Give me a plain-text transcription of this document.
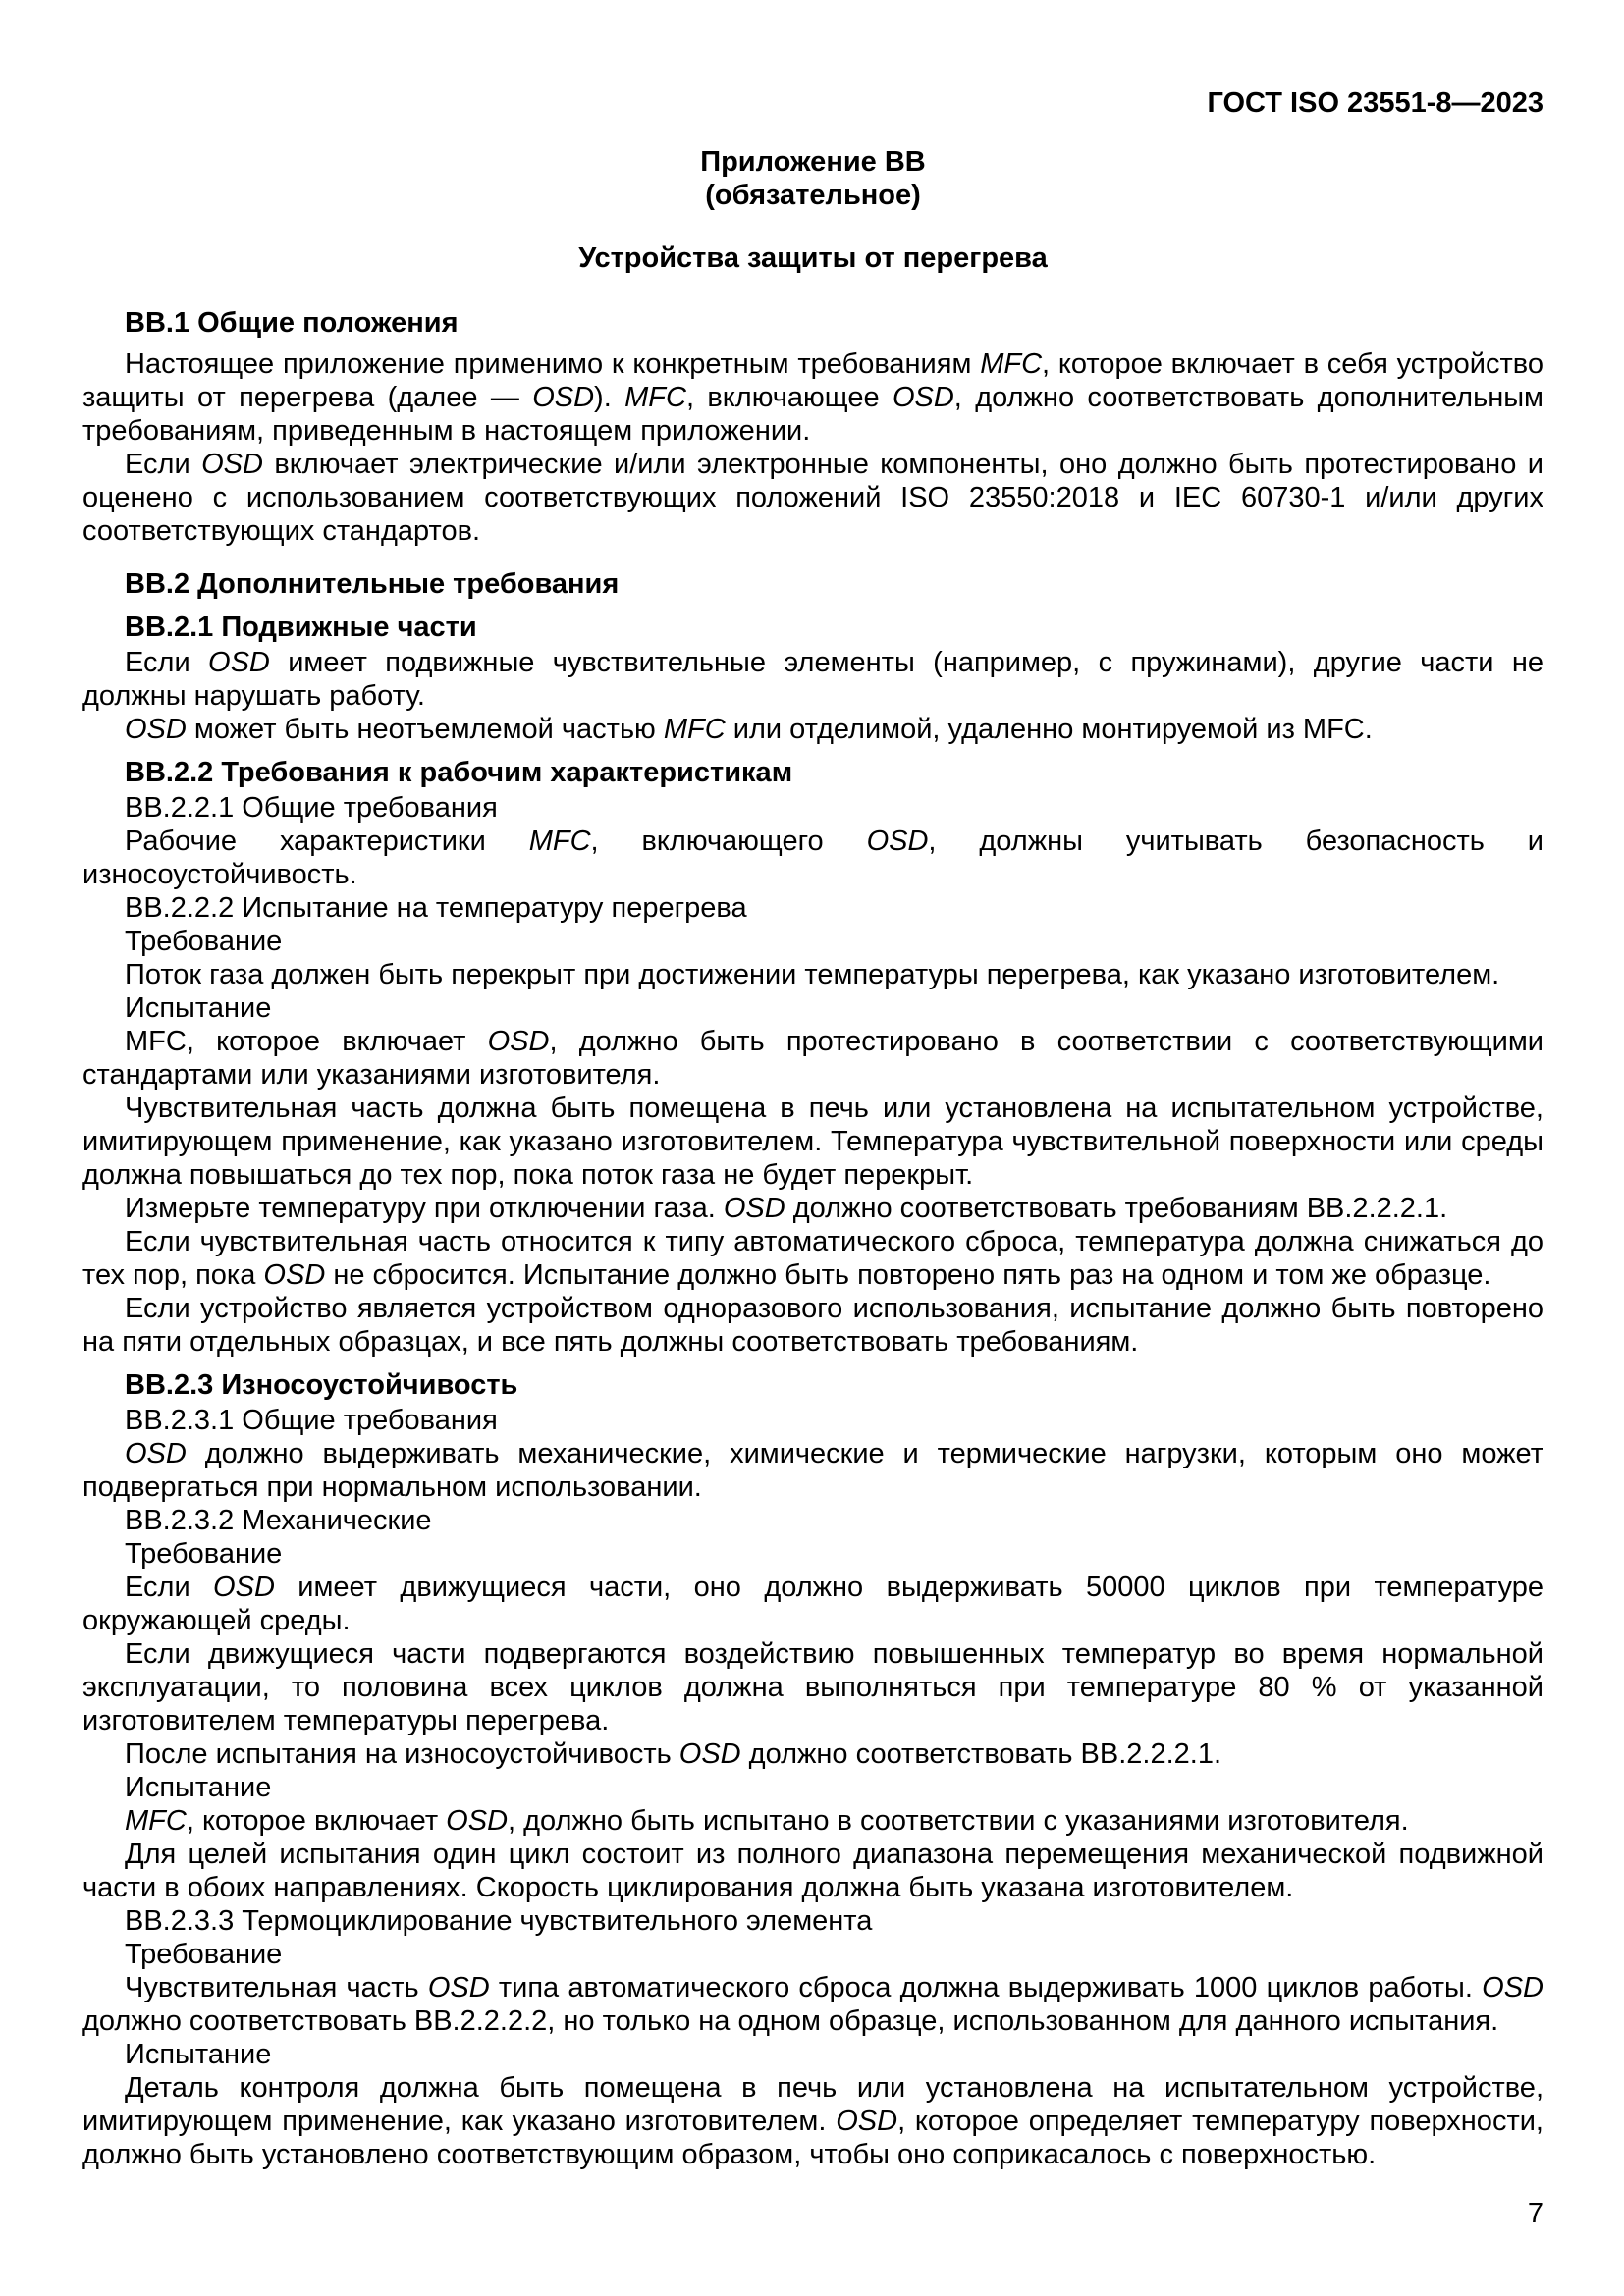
ГОСТ ISO 23551-8—2023
Приложение ВВ
(обязательное)
Устройства защиты от перегрева

ВВ.1 Общие положения

Настоящее приложение применимо к конкретным требованиям MFC, которое включает в себя устройство защиты от перегрева (далее — OSD). MFC, включающее OSD, должно соответствовать дополнительным требованиям, приведенным в настоящем приложении.

Если OSD включает электрические и/или электронные компоненты, оно должно быть протестировано и оценено с использованием соответствующих положений ISO 23550:2018 и IEC 60730-1 и/или других соответствующих стандартов.

ВВ.2 Дополнительные требования

ВВ.2.1 Подвижные части

Если OSD имеет подвижные чувствительные элементы (например, с пружинами), другие части не должны нарушать работу.

OSD может быть неотъемлемой частью MFC или отделимой, удаленно монтируемой из MFC.

ВВ.2.2 Требования к рабочим характеристикам

ВВ.2.2.1 Общие требования

Рабочие характеристики MFC, включающего OSD, должны учитывать безопасность и износоустойчивость.

ВВ.2.2.2 Испытание на температуру перегрева

Требование

Поток газа должен быть перекрыт при достижении температуры перегрева, как указано изготовителем.

Испытание

MFC, которое включает OSD, должно быть протестировано в соответствии с соответствующими стандартами или указаниями изготовителя.

Чувствительная часть должна быть помещена в печь или установлена на испытательном устройстве, имитирующем применение, как указано изготовителем. Температура чувствительной поверхности или среды должна повышаться до тех пор, пока поток газа не будет перекрыт.

Измерьте температуру при отключении газа. OSD должно соответствовать требованиям ВВ.2.2.2.1.

Если чувствительная часть относится к типу автоматического сброса, температура должна снижаться до тех пор, пока OSD не сбросится. Испытание должно быть повторено пять раз на одном и том же образце.

Если устройство является устройством одноразового использования, испытание должно быть повторено на пяти отдельных образцах, и все пять должны соответствовать требованиям.

ВВ.2.3 Износоустойчивость

ВВ.2.3.1 Общие требования

OSD должно выдерживать механические, химические и термические нагрузки, которым оно может подвергаться при нормальном использовании.

ВВ.2.3.2 Механические

Требование

Если OSD имеет движущиеся части, оно должно выдерживать 50000 циклов при температуре окружающей среды.

Если движущиеся части подвергаются воздействию повышенных температур во время нормальной эксплуатации, то половина всех циклов должна выполняться при температуре 80 % от указанной изготовителем температуры перегрева.

После испытания на износоустойчивость OSD должно соответствовать ВВ.2.2.2.1.

Испытание

MFC, которое включает OSD, должно быть испытано в соответствии с указаниями изготовителя.

Для целей испытания один цикл состоит из полного диапазона перемещения механической подвижной части в обоих направлениях. Скорость циклирования должна быть указана изготовителем.

ВВ.2.3.3 Термоциклирование чувствительного элемента

Требование

Чувствительная часть OSD типа автоматического сброса должна выдерживать 1000 циклов работы. OSD должно соответствовать ВВ.2.2.2.2, но только на одном образце, использованном для данного испытания.

Испытание

Деталь контроля должна быть помещена в печь или установлена на испытательном устройстве, имитирующем применение, как указано изготовителем. OSD, которое определяет температуру поверхности, должно быть установлено соответствующим образом, чтобы оно соприкасалось с поверхностью.

7
